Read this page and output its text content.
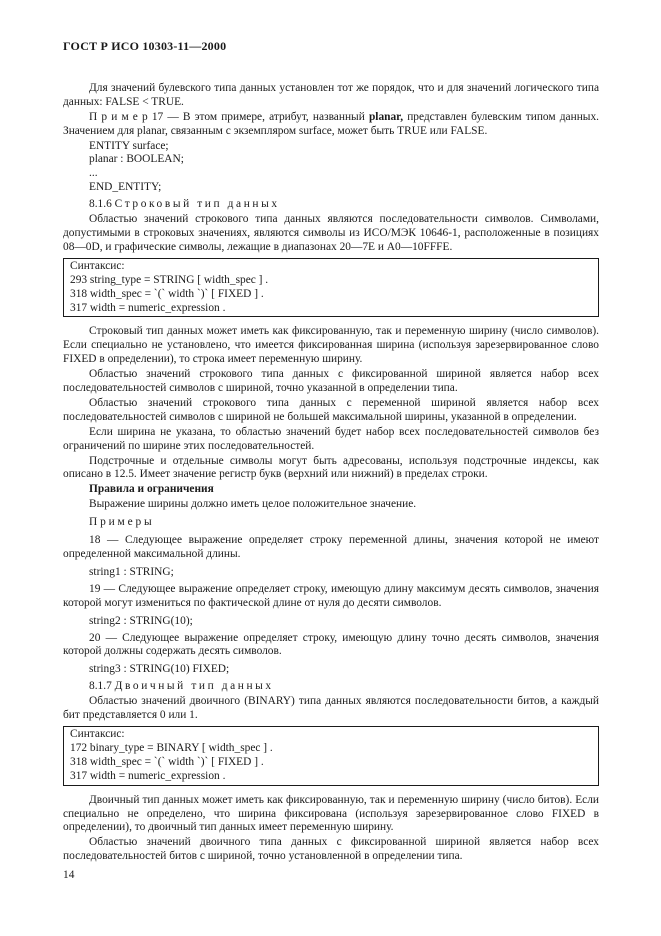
ГОСТ Р ИСО 10303-11—2000

Для значений булевского типа данных установлен тот же порядок, что и для значений логического типа данных: FALSE < TRUE.

П р и м е р 17 — В этом примере, атрибут, названный planar, представлен булевским типом данных. Значением для planar, связанным с экземпляром surface, может быть TRUE или FALSE.

ENTITY surface;

planar : BOOLEAN;

...

END_ENTITY;

8.1.6 Строковый тип данных

Областью значений строкового типа данных являются последовательности символов. Символами, допустимыми в строковых значениях, являются символы из ИСО/МЭК 10646-1, расположенные в позициях 08—0D, и графические символы, лежащие в диапазонах 20—7E и A0—10FFFE.

Синтаксис:
293 string_type = STRING [ width_spec ] .
318 width_spec = `(` width `)` [ FIXED ] .
317 width = numeric_expression .

Строковый тип данных может иметь как фиксированную, так и переменную ширину (число символов). Если специально не установлено, что имеется фиксированная ширина (используя зарезервированное слово FIXED в определении), то строка имеет переменную ширину.

Областью значений строкового типа данных с фиксированной шириной является набор всех последовательностей символов с шириной, точно указанной в определении типа.

Областью значений строкового типа данных с переменной шириной является набор всех последовательностей символов с шириной не большей максимальной ширины, указанной в определении.

Если ширина не указана, то областью значений будет набор всех последовательностей символов без ограничений по ширине этих последовательностей.

Подстрочные и отдельные символы могут быть адресованы, используя подстрочные индексы, как описано в 12.5. Имеет значение регистр букв (верхний или нижний) в пределах строки.

Правила и ограничения

Выражение ширины должно иметь целое положительное значение.

П р и м е р ы

18 — Следующее выражение определяет строку переменной длины, значения которой не имеют определенной максимальной длины.

string1 : STRING;

19 — Следующее выражение определяет строку, имеющую длину максимум десять символов, значения которой могут измениться по фактической длине от нуля до десяти символов.

string2 : STRING(10);

20 — Следующее выражение определяет строку, имеющую длину точно десять символов, значения которой должны содержать десять символов.

string3 : STRING(10) FIXED;

8.1.7 Двоичный тип данных

Областью значений двоичного (BINARY) типа данных являются последовательности битов, а каждый бит представляется 0 или 1.

Синтаксис:
172 binary_type = BINARY [ width_spec ] .
318 width_spec = `(` width `)` [ FIXED ] .
317 width = numeric_expression .

Двоичный тип данных может иметь как фиксированную, так и переменную ширину (число битов). Если специально не определено, что ширина фиксирована (используя зарезервированное слово FIXED в определении), то двоичный тип данных имеет переменную ширину.

Областью значений двоичного типа данных с фиксированной шириной является набор всех последовательностей битов с шириной, точно установленной в определении типа.

14
